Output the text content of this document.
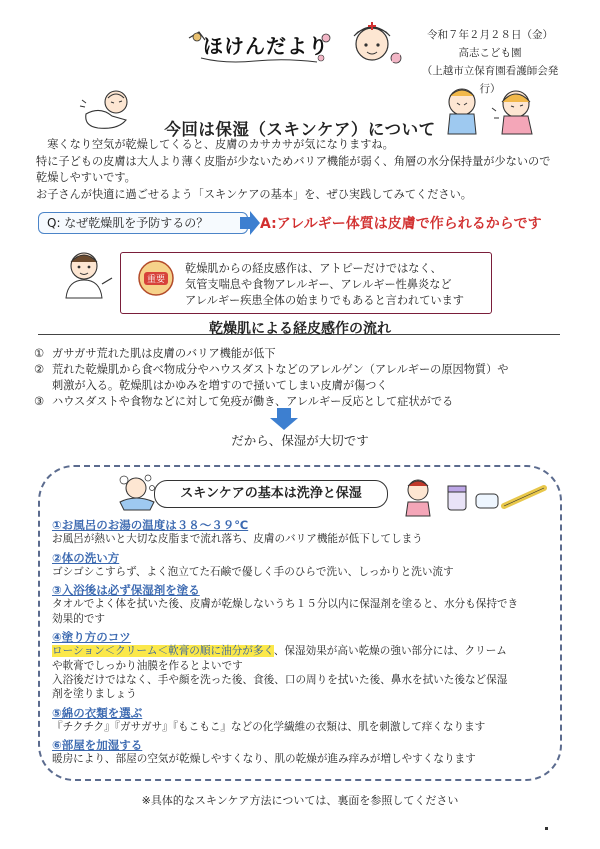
ほけんだより	令和７年２月２８日（金）
高志こども園
（上越市立保育園看護師会発行）
今回は保湿（スキンケア）について

寒くなり空気が乾燥してくると、皮膚のカサカサが気になりますね。

特に子どもの皮膚は大人より薄く皮脂が少ないためバリア機能が弱く、角層の水分保持量が少ないので

乾燥しやすいです。

お子さんが快適に過ごせるよう「スキンケアの基本」を、ぜひ実践してみてください。

Q: なぜ乾燥肌を予防するの？	A:アレルギー体質は皮膚で作られるからです
重要

乾燥肌からの経皮感作は、アトピーだけではなく、

気管支喘息や食物アレルギー、アレルギー性鼻炎など

アレルギー疾患全体の始まりでもあると言われています

乾燥肌による経皮感作の流れ
① ガサガサ荒れた肌は皮膚のバリア機能が低下
② 荒れた乾燥肌から食べ物成分やハウスダストなどのアレルゲン（アレルギーの原因物質）や
刺激が入る。乾燥肌はかゆみを増すので掻いてしまい皮膚が傷つく
③ ハウスダストや食物などに対して免疫が働き、アレルギー反応として症状がでる
だから、保湿が大切です
スキンケアの基本は洗浄と保湿
①お風呂のお湯の温度は３８～３９℃
お風呂が熱いと大切な皮脂まで流れ落ち、皮膚のバリア機能が低下してしまう
②体の洗い方
ゴシゴシこすらず、よく泡立てた石鹸で優しく手のひらで洗い、しっかりと洗い流す
③入浴後は必ず保湿剤を塗る
タオルでよく体を拭いた後、皮膚が乾燥しないうち１５分以内に保湿剤を塗ると、水分も保持でき
効果的です
④塗り方のコツ
ローション＜クリーム＜軟膏の順に油分が多く、保湿効果が高い乾燥の強い部分には、クリーム
や軟膏でしっかり油膜を作るとよいです
入浴後だけではなく、手や顔を洗った後、食後、口の周りを拭いた後、鼻水を拭いた後など保湿
剤を塗りましょう
⑤綿の衣類を選ぶ
『チクチク』『ガサガサ』『もこもこ』などの化学繊維の衣類は、肌を刺激して痒くなります
⑥部屋を加湿する
暖房により、部屋の空気が乾燥しやすくなり、肌の乾燥が進み痒みが増しやすくなります
※具体的なスキンケア方法については、裏面を参照してください
